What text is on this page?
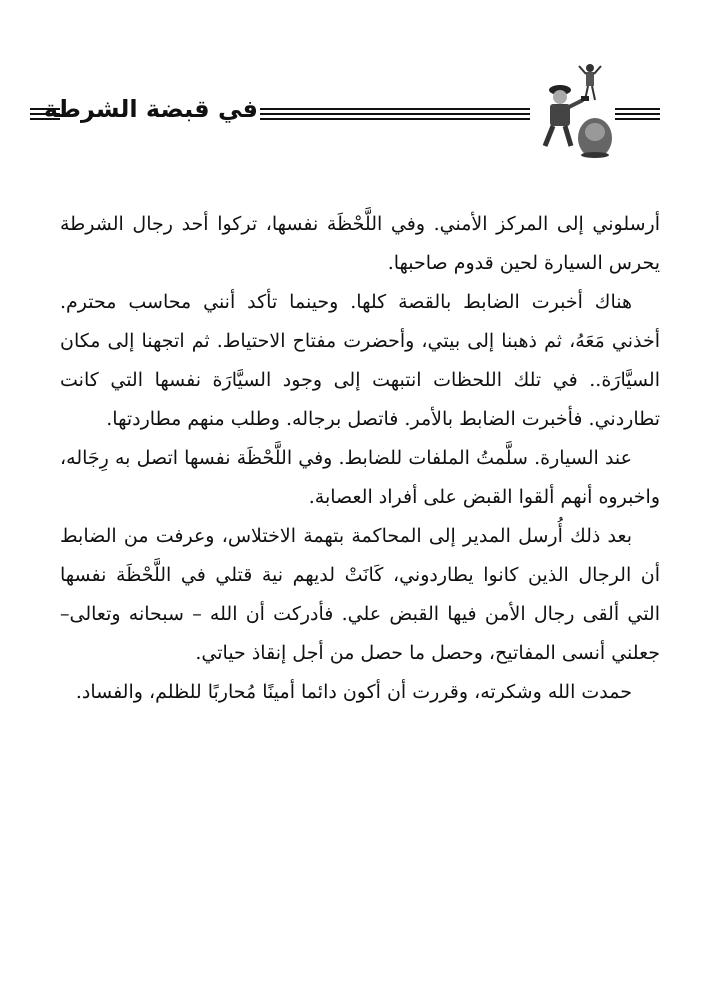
في قبضة الشرطة

أرسلوني إلى المركز الأمني. وفي اللَّحْظَة نفسها، تركوا أحد رجال الشرطة يحرس السيارة لحين قدوم صاحبها.

هناك أخبرت الضابط بالقصة كلها. وحينما تأكد أنني محاسب محترم. أخذني مَعَهُ، ثم ذهبنا إلى بيتي، وأحضرت مفتاح الاحتياط. ثم اتجهنا إلى مكان السيَّارَة.. في تلك اللحظات انتبهت إلى وجود السيَّارَة نفسها التي كانت تطاردني. فأخبرت الضابط بالأمر. فاتصل برجاله. وطلب منهم مطاردتها.

عند السيارة. سلَّمتُ الملفات للضابط. وفي اللَّحْظَة نفسها اتصل به رِجَاله، واخبروه أنهم ألقوا القبض على أفراد العصابة.

بعد ذلك أُرسل المدير إلى المحاكمة بتهمة الاختلاس، وعرفت من الضابط أن الرجال الذين كانوا يطاردوني، كَانَتْ لديهم نية قتلي في اللَّحْظَة نفسها التي ألقى رجال الأمن فيها القبض علي. فأدركت أن الله – سبحانه وتعالى– جعلني أنسى المفاتيح، وحصل ما حصل من أجل إنقاذ حياتي.

حمدت الله وشكرته، وقررت أن أكون دائما أمينًا مُحاربًا للظلم، والفساد.
